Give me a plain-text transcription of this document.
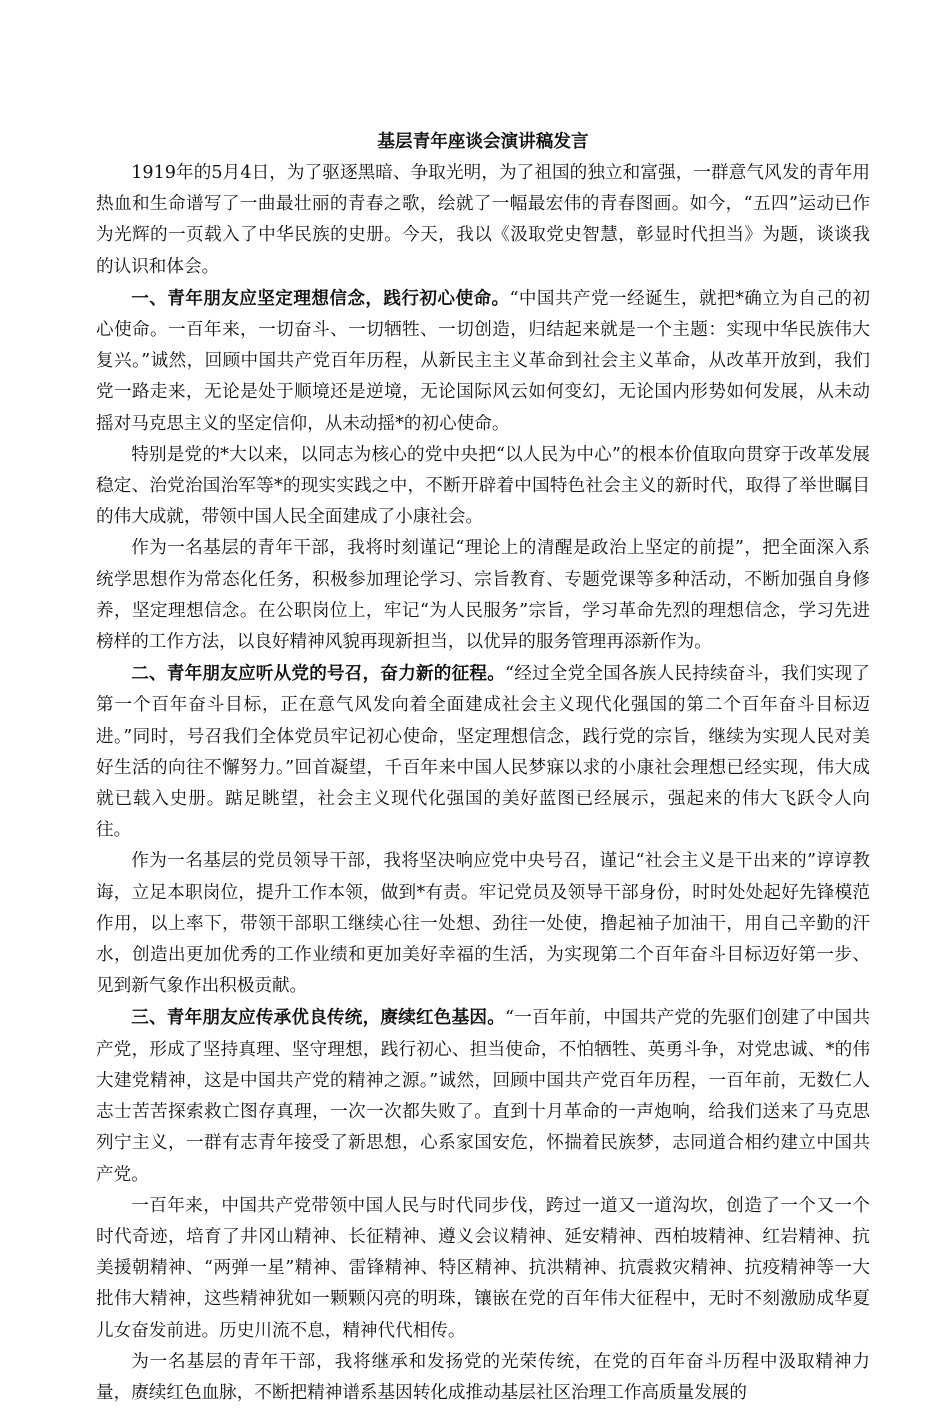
基层青年座谈会演讲稿发言

1919年的5月4日，为了驱逐黑暗、争取光明，为了祖国的独立和富强，一群意气风发的青年用热血和生命谱写了一曲最壮丽的青春之歌，绘就了一幅最宏伟的青春图画。如今，“五四”运动已作为光辉的一页载入了中华民族的史册。今天，我以《汲取党史智慧，彰显时代担当》为题，谈谈我的认识和体会。

一、青年朋友应坚定理想信念，践行初心使命。“中国共产党一经诞生，就把*确立为自己的初心使命。一百年来，一切奋斗、一切牺牲、一切创造，归结起来就是一个主题：实现中华民族伟大复兴。”诚然，回顾中国共产党百年历程，从新民主主义革命到社会主义革命，从改革开放到，我们党一路走来，无论是处于顺境还是逆境，无论国际风云如何变幻，无论国内形势如何发展，从未动摇对马克思主义的坚定信仰，从未动摇*的初心使命。

特别是党的*大以来，以同志为核心的党中央把“以人民为中心”的根本价值取向贯穿于改革发展稳定、治党治国治军等*的现实实践之中，不断开辟着中国特色社会主义的新时代，取得了举世瞩目的伟大成就，带领中国人民全面建成了小康社会。

作为一名基层的青年干部，我将时刻谨记“理论上的清醒是政治上坚定的前提”，把全面深入系统学思想作为常态化任务，积极参加理论学习、宗旨教育、专题党课等多种活动，不断加强自身修养，坚定理想信念。在公职岗位上，牢记“为人民服务”宗旨，学习革命先烈的理想信念，学习先进榜样的工作方法，以良好精神风貌再现新担当，以优异的服务管理再添新作为。

二、青年朋友应听从党的号召，奋力新的征程。“经过全党全国各族人民持续奋斗，我们实现了第一个百年奋斗目标，正在意气风发向着全面建成社会主义现代化强国的第二个百年奋斗目标迈进。”同时，号召我们全体党员牢记初心使命，坚定理想信念，践行党的宗旨，继续为实现人民对美好生活的向往不懈努力。”回首凝望，千百年来中国人民梦寐以求的小康社会理想已经实现，伟大成就已载入史册。踮足眺望，社会主义现代化强国的美好蓝图已经展示，强起来的伟大飞跃令人向往。

作为一名基层的党员领导干部，我将坚决响应党中央号召，谨记“社会主义是干出来的”谆谆教诲，立足本职岗位，提升工作本领，做到*有责。牢记党员及领导干部身份，时时处处起好先锋模范作用，以上率下，带领干部职工继续心往一处想、劲往一处使，撸起袖子加油干，用自己辛勤的汗水，创造出更加优秀的工作业绩和更加美好幸福的生活，为实现第二个百年奋斗目标迈好第一步、见到新气象作出积极贡献。

三、青年朋友应传承优良传统，赓续红色基因。“一百年前，中国共产党的先驱们创建了中国共产党，形成了坚持真理、坚守理想，践行初心、担当使命，不怕牺牲、英勇斗争，对党忠诚、*的伟大建党精神，这是中国共产党的精神之源。”诚然，回顾中国共产党百年历程，一百年前，无数仁人志士苦苦探索救亡图存真理，一次一次都失败了。直到十月革命的一声炮响，给我们送来了马克思列宁主义，一群有志青年接受了新思想，心系家国安危，怀揣着民族梦，志同道合相约建立中国共产党。

一百年来，中国共产党带领中国人民与时代同步伐，跨过一道又一道沟坎，创造了一个又一个时代奇迹，培育了井冈山精神、长征精神、遵义会议精神、延安精神、西柏坡精神、红岩精神、抗美援朝精神、“两弹一星”精神、雷锋精神、特区精神、抗洪精神、抗震救灾精神、抗疫精神等一大批伟大精神，这些精神犹如一颗颗闪亮的明珠，镶嵌在党的百年伟大征程中，无时不刻激励成华夏儿女奋发前进。历史川流不息，精神代代相传。

为一名基层的青年干部，我将继承和发扬党的光荣传统，在党的百年奋斗历程中汲取精神力量，赓续红色血脉，不断把精神谱系基因转化成推动基层社区治理工作高质量发展的
